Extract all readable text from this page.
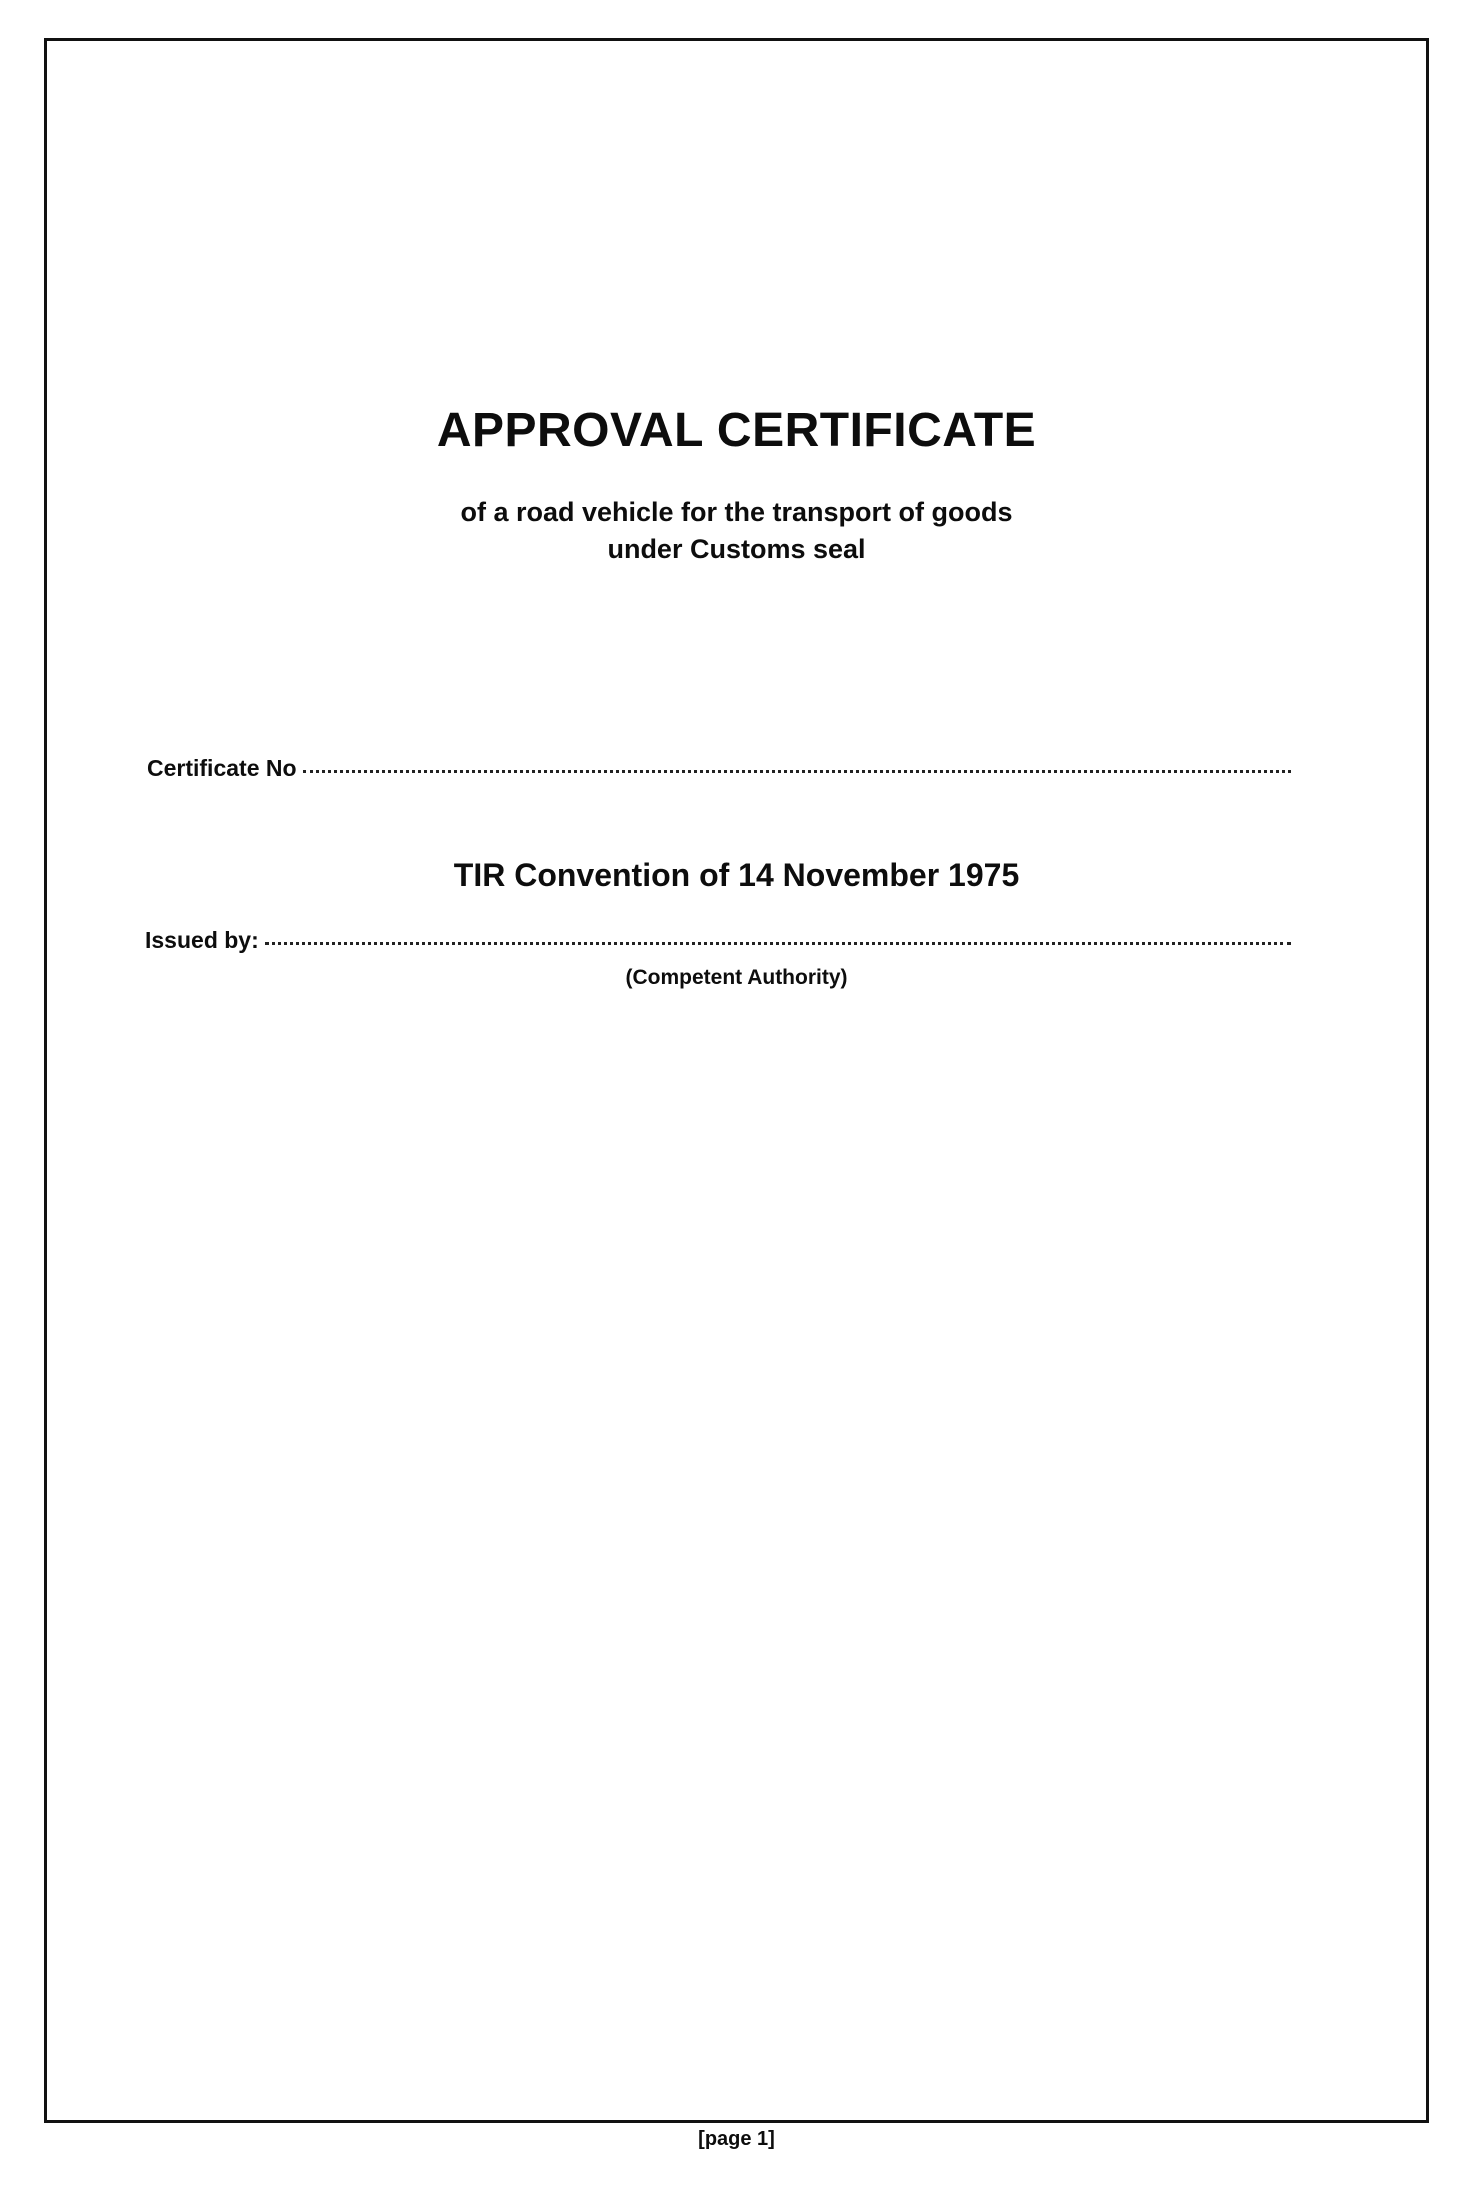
APPROVAL CERTIFICATE
of a road vehicle for the transport of goods
under Customs seal
Certificate No

TIR Convention of 14 November 1975

Issued by:

(Competent Authority)

[page 1]
